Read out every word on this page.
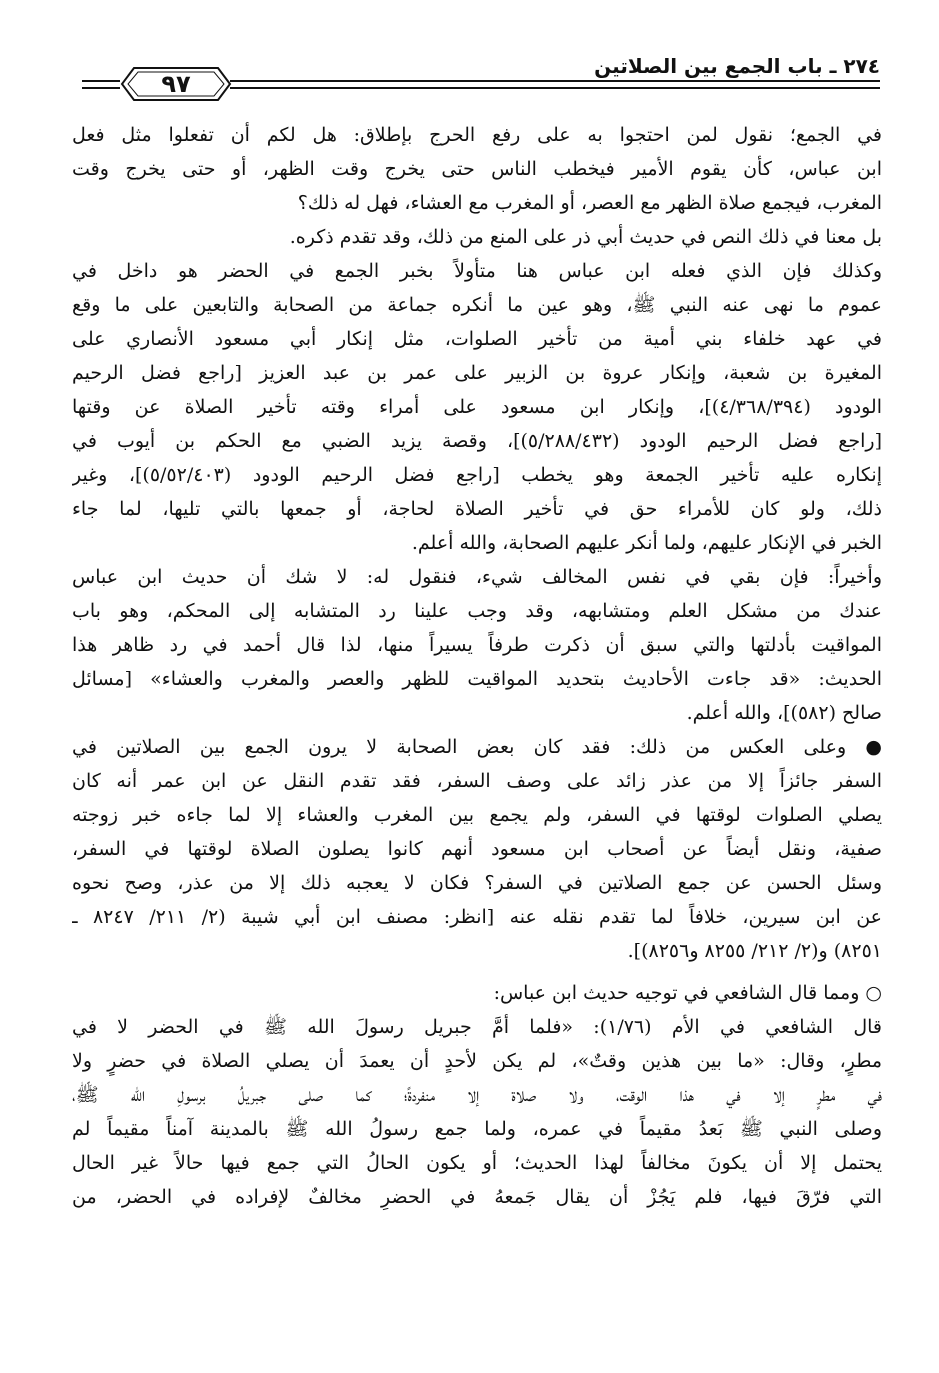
٩٧
٢٧٤ ـ باب الجمع بين الصلاتين
في الجمع؛ نقول لمن احتجوا به على رفع الحرج بإطلاق: هل لكم أن تفعلوا مثل فعل
ابن عباس، كأن يقوم الأمير فيخطب الناس حتى يخرج وقت الظهر، أو حتى يخرج وقت
المغرب، فيجمع صلاة الظهر مع العصر، أو المغرب مع العشاء، فهل له ذلك؟
بل معنا في ذلك النص في حديث أبي ذر على المنع من ذلك، وقد تقدم ذكره.
وكذلك فإن الذي فعله ابن عباس هنا متأولاً بخبر الجمع في الحضر هو داخل في
عموم ما نهى عنه النبي ﷺ، وهو عين ما أنكره جماعة من الصحابة والتابعين على ما وقع
في عهد خلفاء بني أمية من تأخير الصلوات، مثل إنكار أبي مسعود الأنصاري على
المغيرة بن شعبة، وإنكار عروة بن الزبير على عمر بن عبد العزيز [راجع فضل الرحيم
الودود (٤/٣٦٨/٣٩٤)]، وإنكار ابن مسعود على أمراء وقته تأخير الصلاة عن وقتها
[راجع فضل الرحيم الودود (٥/٢٨٨/٤٣٢)]، وقصة يزيد الضبي مع الحكم بن أيوب في
إنكاره عليه تأخير الجمعة وهو يخطب [راجع فضل الرحيم الودود (٥/٥٢/٤٠٣)]، وغير
ذلك، ولو كان للأمراء حق في تأخير الصلاة لحاجة، أو جمعها بالتي تليها، لما جاء
الخبر في الإنكار عليهم، ولما أنكر عليهم الصحابة، والله أعلم.
وأخيراً: فإن بقي في نفس المخالف شيء، فنقول له: لا شك أن حديث ابن عباس
عندك من مشكل العلم ومتشابهه، وقد وجب علينا رد المتشابه إلى المحكم، وهو باب
المواقيت بأدلتها والتي سبق أن ذكرت طرفاً يسيراً منها، لذا قال أحمد في رد ظاهر هذا
الحديث: «قد جاءت الأحاديث بتحديد المواقيت للظهر والعصر والمغرب والعشاء» [مسائل
صالح (٥٨٢)]، والله أعلم.
● وعلى العكس من ذلك: فقد كان بعض الصحابة لا يرون الجمع بين الصلاتين في
السفر جائزاً إلا من عذر زائد على وصف السفر، فقد تقدم النقل عن ابن عمر أنه كان
يصلي الصلوات لوقتها في السفر، ولم يجمع بين المغرب والعشاء إلا لما جاءه خبر زوجته
صفية، ونقل أيضاً عن أصحاب ابن مسعود أنهم كانوا يصلون الصلاة لوقتها في السفر،
وسئل الحسن عن جمع الصلاتين في السفر؟ فكان لا يعجبه ذلك إلا من عذر، وصح نحوه
عن ابن سيرين، خلافاً لما تقدم نقله عنه [انظر: مصنف ابن أبي شيبة (٢/ ٢١١/ ٨٢٤٧ ـ
٨٢٥١) و(٢/ ٢١٢/ ٨٢٥٥ و٨٢٥٦)].
○ ومما قال الشافعي في توجيه حديث ابن عباس:
قال الشافعي في الأم (١/٧٦): «فلما أمَّ جبريل رسولَ الله ﷺ في الحضر لا في
مطرٍ، وقال: «ما بين هذين وقتٌ»، لم يكن لأحدٍ أن يعمدَ أن يصلي الصلاة في حضرٍ ولا
في مطرٍ إلا في هذا الوقت، ولا صلاة إلا منفردةً؛ كما صلى جبريلُ برسولِ الله ﷺ،
وصلى النبي ﷺ بَعدُ مقيماً في عمره، ولما جمع رسولُ الله ﷺ بالمدينة آمناً مقيماً لم
يحتمل إلا أن يكونَ مخالفاً لهذا الحديث؛ أو يكون الحالُ التي جمع فيها حالاً غير الحال
التي فرّقَ فيها، فلم يَجُزْ أن يقال جَمعهُ في الحضرِ مخالفٌ لإفراده في الحضر، من
